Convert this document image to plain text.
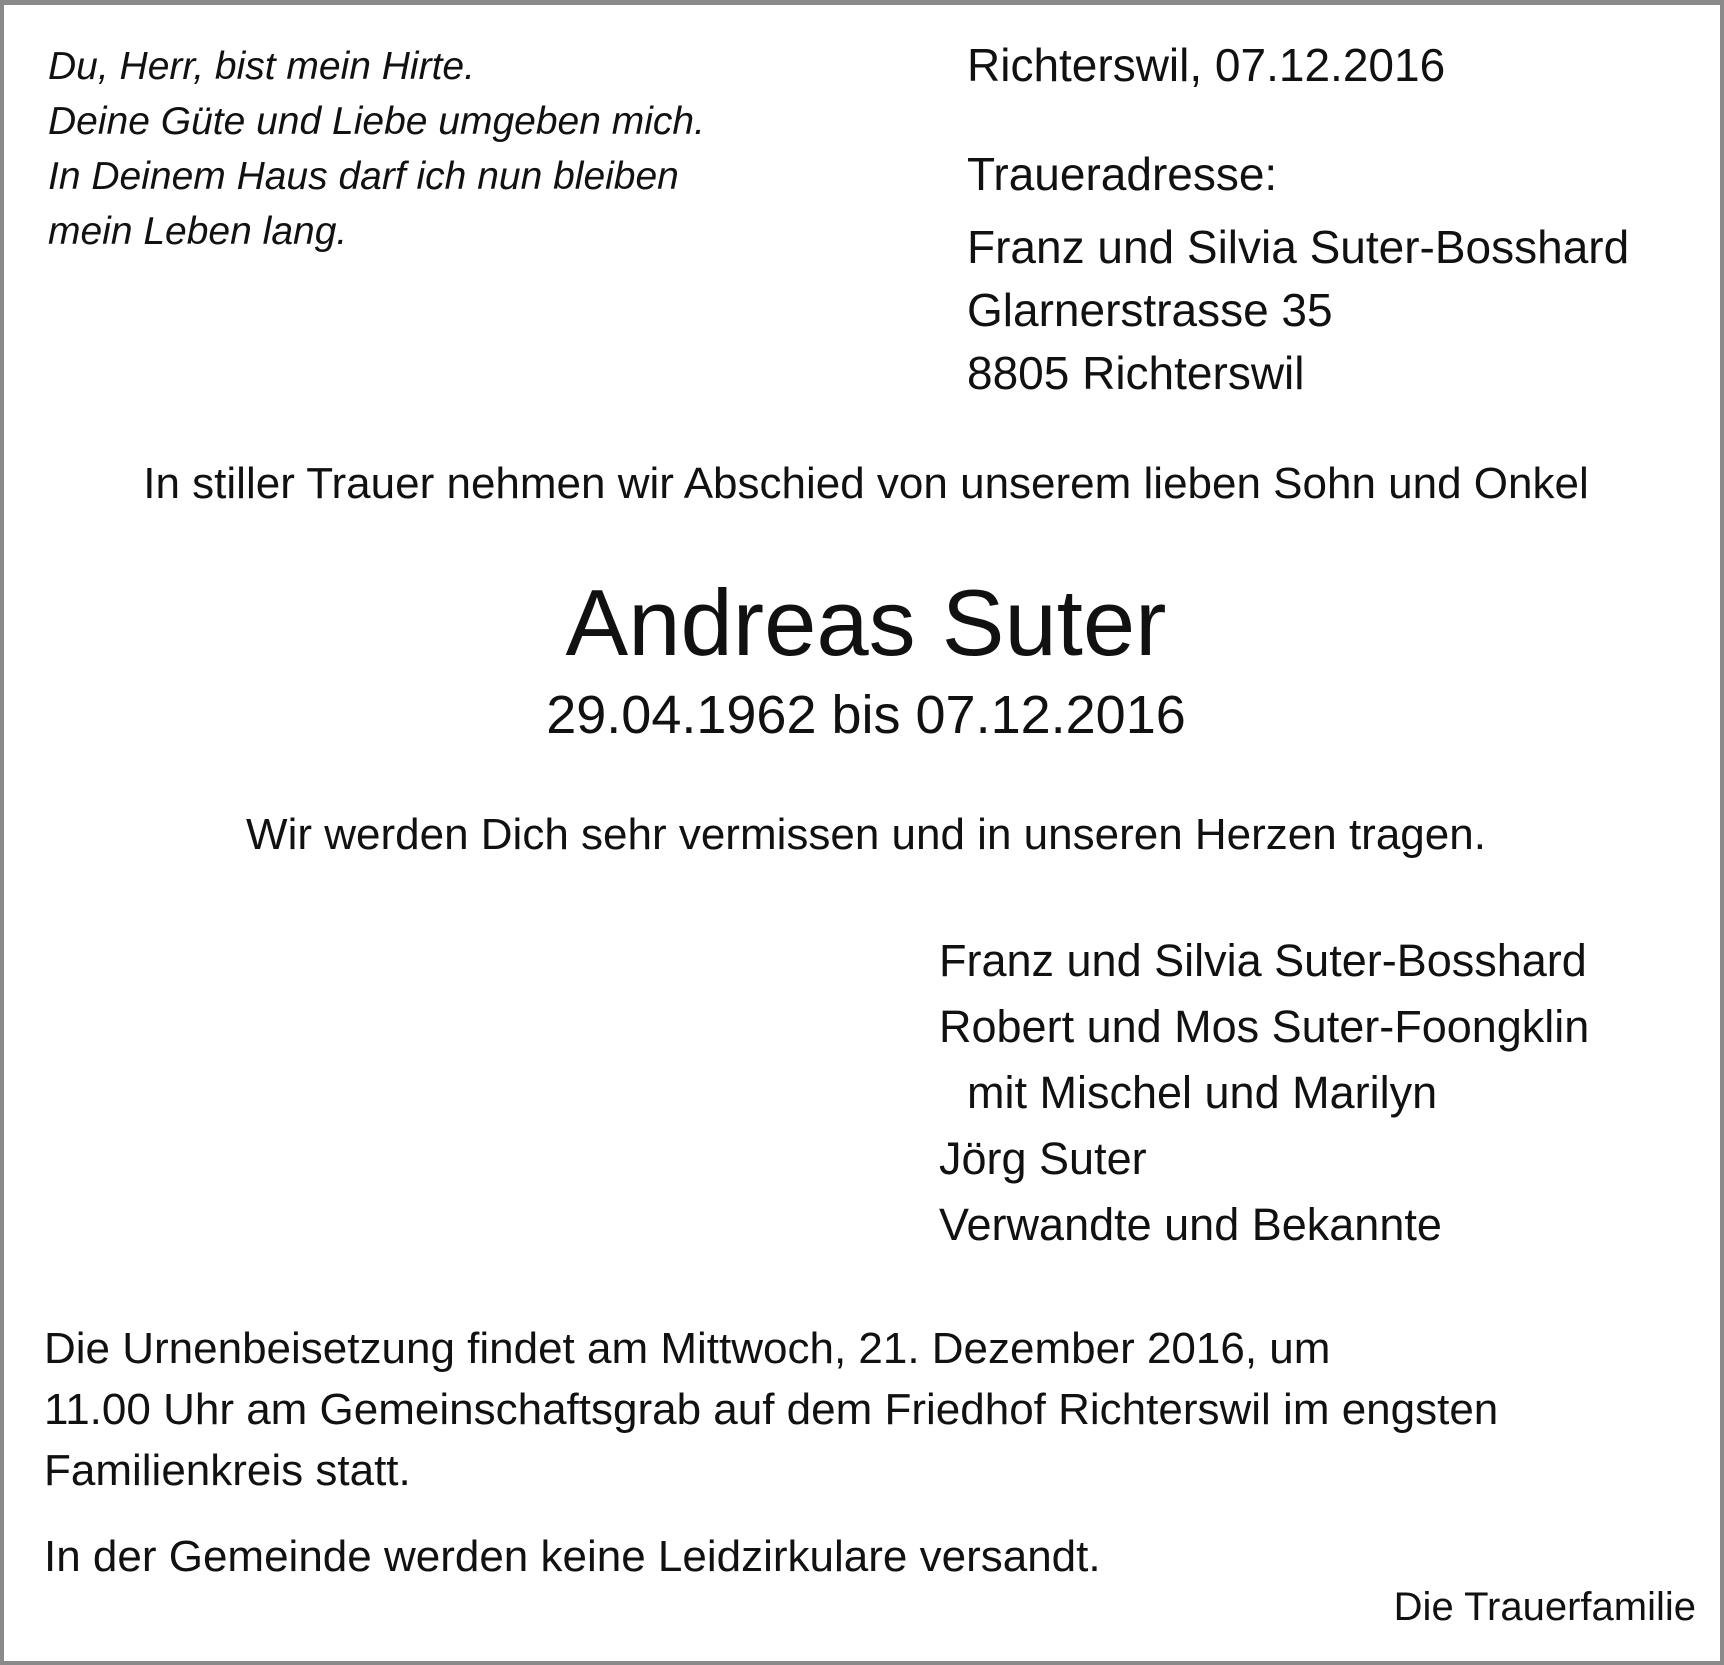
Du, Herr, bist mein Hirte.

Deine Güte und Liebe umgeben mich.

In Deinem Haus darf ich nun bleiben

mein Leben lang.

Richterswil, 07.12.2016

Traueradresse:

Franz und Silvia Suter-Bosshard

Glarnerstrasse 35

8805 Richterswil

In stiller Trauer nehmen wir Abschied von unserem lieben Sohn und Onkel

Andreas Suter

29.04.1962 bis 07.12.2016

Wir werden Dich sehr vermissen und in unseren Herzen tragen.

Franz und Silvia Suter-Bosshard

Robert und Mos Suter-Foongklin

mit Mischel und Marilyn

Jörg Suter

Verwandte und Bekannte

Die Urnenbeisetzung findet am Mittwoch, 21. Dezember 2016, um

11.00 Uhr am Gemeinschaftsgrab auf dem Friedhof Richterswil im engsten

Familienkreis statt.

In der Gemeinde werden keine Leidzirkulare versandt.

Die Trauerfamilie
